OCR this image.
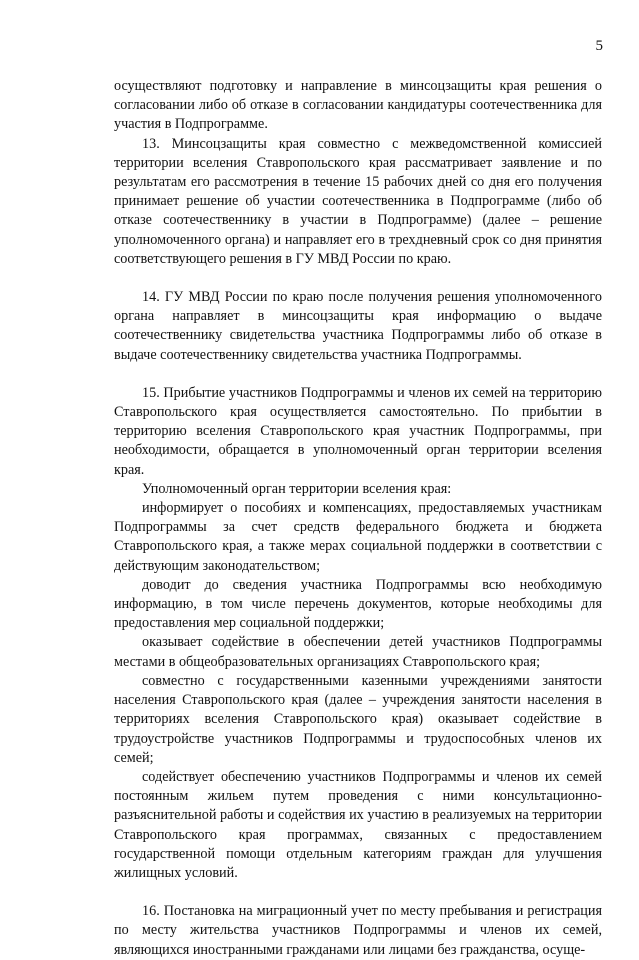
5

осуществляют подготовку и направление в минсоцзащиты края решения о согласовании либо об отказе в согласовании кандидатуры соотечественника для участия в Подпрограмме.

13. Минсоцзащиты края совместно с межведомственной комиссией территории вселения Ставропольского края рассматривает заявление и по результатам его рассмотрения в течение 15 рабочих дней со дня его получения принимает решение об участии соотечественника в Подпрограмме (либо об отказе соотечественнику в участии в Подпрограмме) (далее – решение уполномоченного органа) и направляет его в трехдневный срок со дня принятия соответствующего решения в ГУ МВД России по краю.

14. ГУ МВД России по краю после получения решения уполномоченного органа направляет в минсоцзащиты края информацию о выдаче соотечественнику свидетельства участника Подпрограммы либо об отказе в выдаче соотечественнику свидетельства участника Подпрограммы.

15. Прибытие участников Подпрограммы и членов их семей на территорию Ставропольского края осуществляется самостоятельно. По прибытии в территорию вселения Ставропольского края участник Подпрограммы, при необходимости, обращается в уполномоченный орган территории вселения края.

Уполномоченный орган территории вселения края:

информирует о пособиях и компенсациях, предоставляемых участникам Подпрограммы за счет средств федерального бюджета и бюджета Ставропольского края, а также мерах социальной поддержки в соответствии с действующим законодательством;

доводит до сведения участника Подпрограммы всю необходимую информацию, в том числе перечень документов, которые необходимы для предоставления мер социальной поддержки;

оказывает содействие в обеспечении детей участников Подпрограммы местами в общеобразовательных организациях Ставропольского края;

совместно с государственными казенными учреждениями занятости населения Ставропольского края (далее – учреждения занятости населения в территориях вселения Ставропольского края) оказывает содействие в трудоустройстве участников Подпрограммы и трудоспособных членов их семей;

содействует обеспечению участников Подпрограммы и членов их семей постоянным жильем путем проведения с ними консультационно-разъяснительной работы и содействия их участию в реализуемых на территории Ставропольского края программах, связанных с предоставлением государственной помощи отдельным категориям граждан для улучшения жилищных условий.

16. Постановка на миграционный учет по месту пребывания и регистрация по месту жительства участников Подпрограммы и членов их семей, являющихся иностранными гражданами или лицами без гражданства, осуще-
